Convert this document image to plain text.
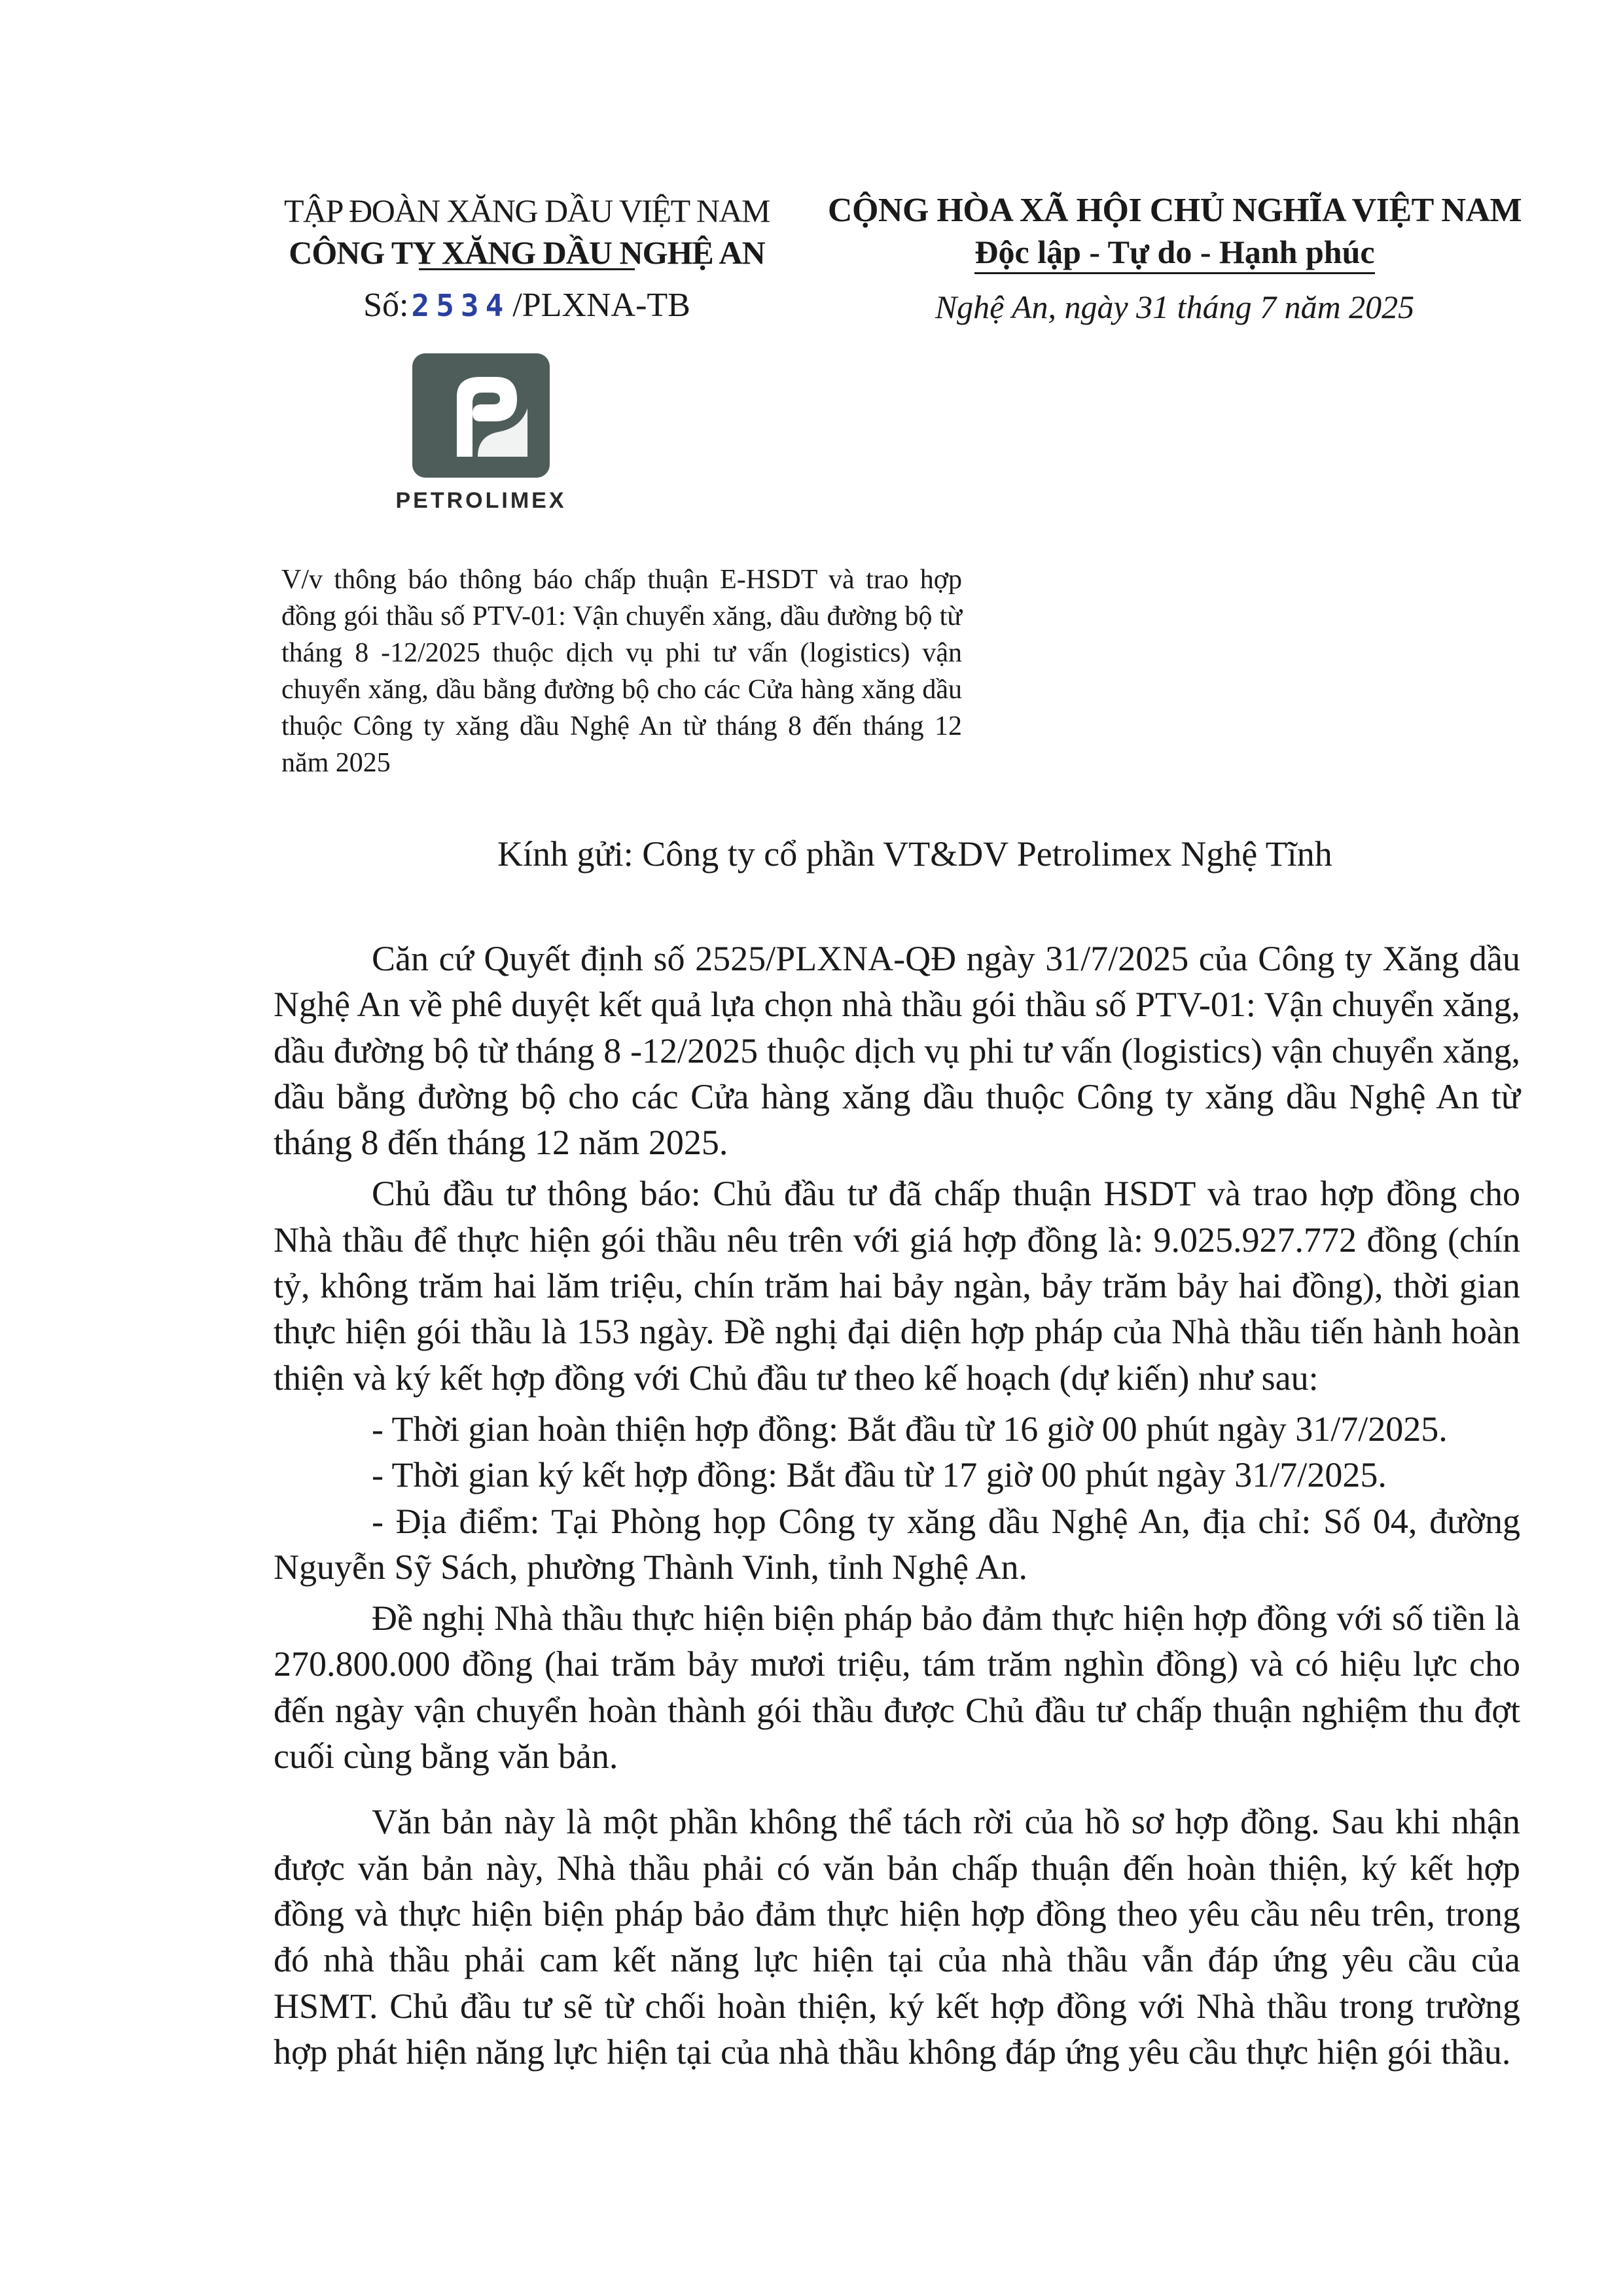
TẬP ĐOÀN XĂNG DẦU VIỆT NAM
CÔNG TY XĂNG DẦU NGHỆ AN
Số:2534/PLXNA-TB
CỘNG HÒA XÃ HỘI CHỦ NGHĨA VIỆT NAM
Độc lập - Tự do - Hạnh phúc
Nghệ An, ngày 31 tháng 7 năm 2025
PETROLIMEX
V/v thông báo thông báo chấp thuận E-HSDT và trao hợp đồng gói thầu số PTV-01: Vận chuyển xăng, dầu đường bộ từ tháng 8 -12/2025 thuộc dịch vụ phi tư vấn (logistics) vận chuyển xăng, dầu bằng đường bộ cho các Cửa hàng xăng dầu thuộc Công ty xăng dầu Nghệ An từ tháng 8 đến tháng 12 năm 2025
Kính gửi: Công ty cổ phần VT&DV Petrolimex Nghệ Tĩnh

Căn cứ Quyết định số 2525/PLXNA-QĐ ngày 31/7/2025 của Công ty Xăng dầu Nghệ An về phê duyệt kết quả lựa chọn nhà thầu gói thầu số PTV-01: Vận chuyển xăng, dầu đường bộ từ tháng 8 -12/2025 thuộc dịch vụ phi tư vấn (logistics) vận chuyển xăng, dầu bằng đường bộ cho các Cửa hàng xăng dầu thuộc Công ty xăng dầu Nghệ An từ tháng 8 đến tháng 12 năm 2025.

Chủ đầu tư thông báo: Chủ đầu tư đã chấp thuận HSDT và trao hợp đồng cho Nhà thầu để thực hiện gói thầu nêu trên với giá hợp đồng là: 9.025.927.772 đồng (chín tỷ, không trăm hai lăm triệu, chín trăm hai bảy ngàn, bảy trăm bảy hai đồng), thời gian thực hiện gói thầu là 153 ngày. Đề nghị đại diện hợp pháp của Nhà thầu tiến hành hoàn thiện và ký kết hợp đồng với Chủ đầu tư theo kế hoạch (dự kiến) như sau:

- Thời gian hoàn thiện hợp đồng: Bắt đầu từ 16 giờ 00 phút ngày 31/7/2025.

- Thời gian ký kết hợp đồng: Bắt đầu từ 17 giờ 00 phút ngày 31/7/2025.

- Địa điểm: Tại Phòng họp Công ty xăng dầu Nghệ An, địa chỉ: Số 04, đường Nguyễn Sỹ Sách, phường Thành Vinh, tỉnh Nghệ An.

Đề nghị Nhà thầu thực hiện biện pháp bảo đảm thực hiện hợp đồng với số tiền là 270.800.000 đồng (hai trăm bảy mươi triệu, tám trăm nghìn đồng) và có hiệu lực cho đến ngày vận chuyển hoàn thành gói thầu được Chủ đầu tư chấp thuận nghiệm thu đợt cuối cùng bằng văn bản.

Văn bản này là một phần không thể tách rời của hồ sơ hợp đồng. Sau khi nhận được văn bản này, Nhà thầu phải có văn bản chấp thuận đến hoàn thiện, ký kết hợp đồng và thực hiện biện pháp bảo đảm thực hiện hợp đồng theo yêu cầu nêu trên, trong đó nhà thầu phải cam kết năng lực hiện tại của nhà thầu vẫn đáp ứng yêu cầu của HSMT. Chủ đầu tư sẽ từ chối hoàn thiện, ký kết hợp đồng với Nhà thầu trong trường hợp phát hiện năng lực hiện tại của nhà thầu không đáp ứng yêu cầu thực hiện gói thầu.
